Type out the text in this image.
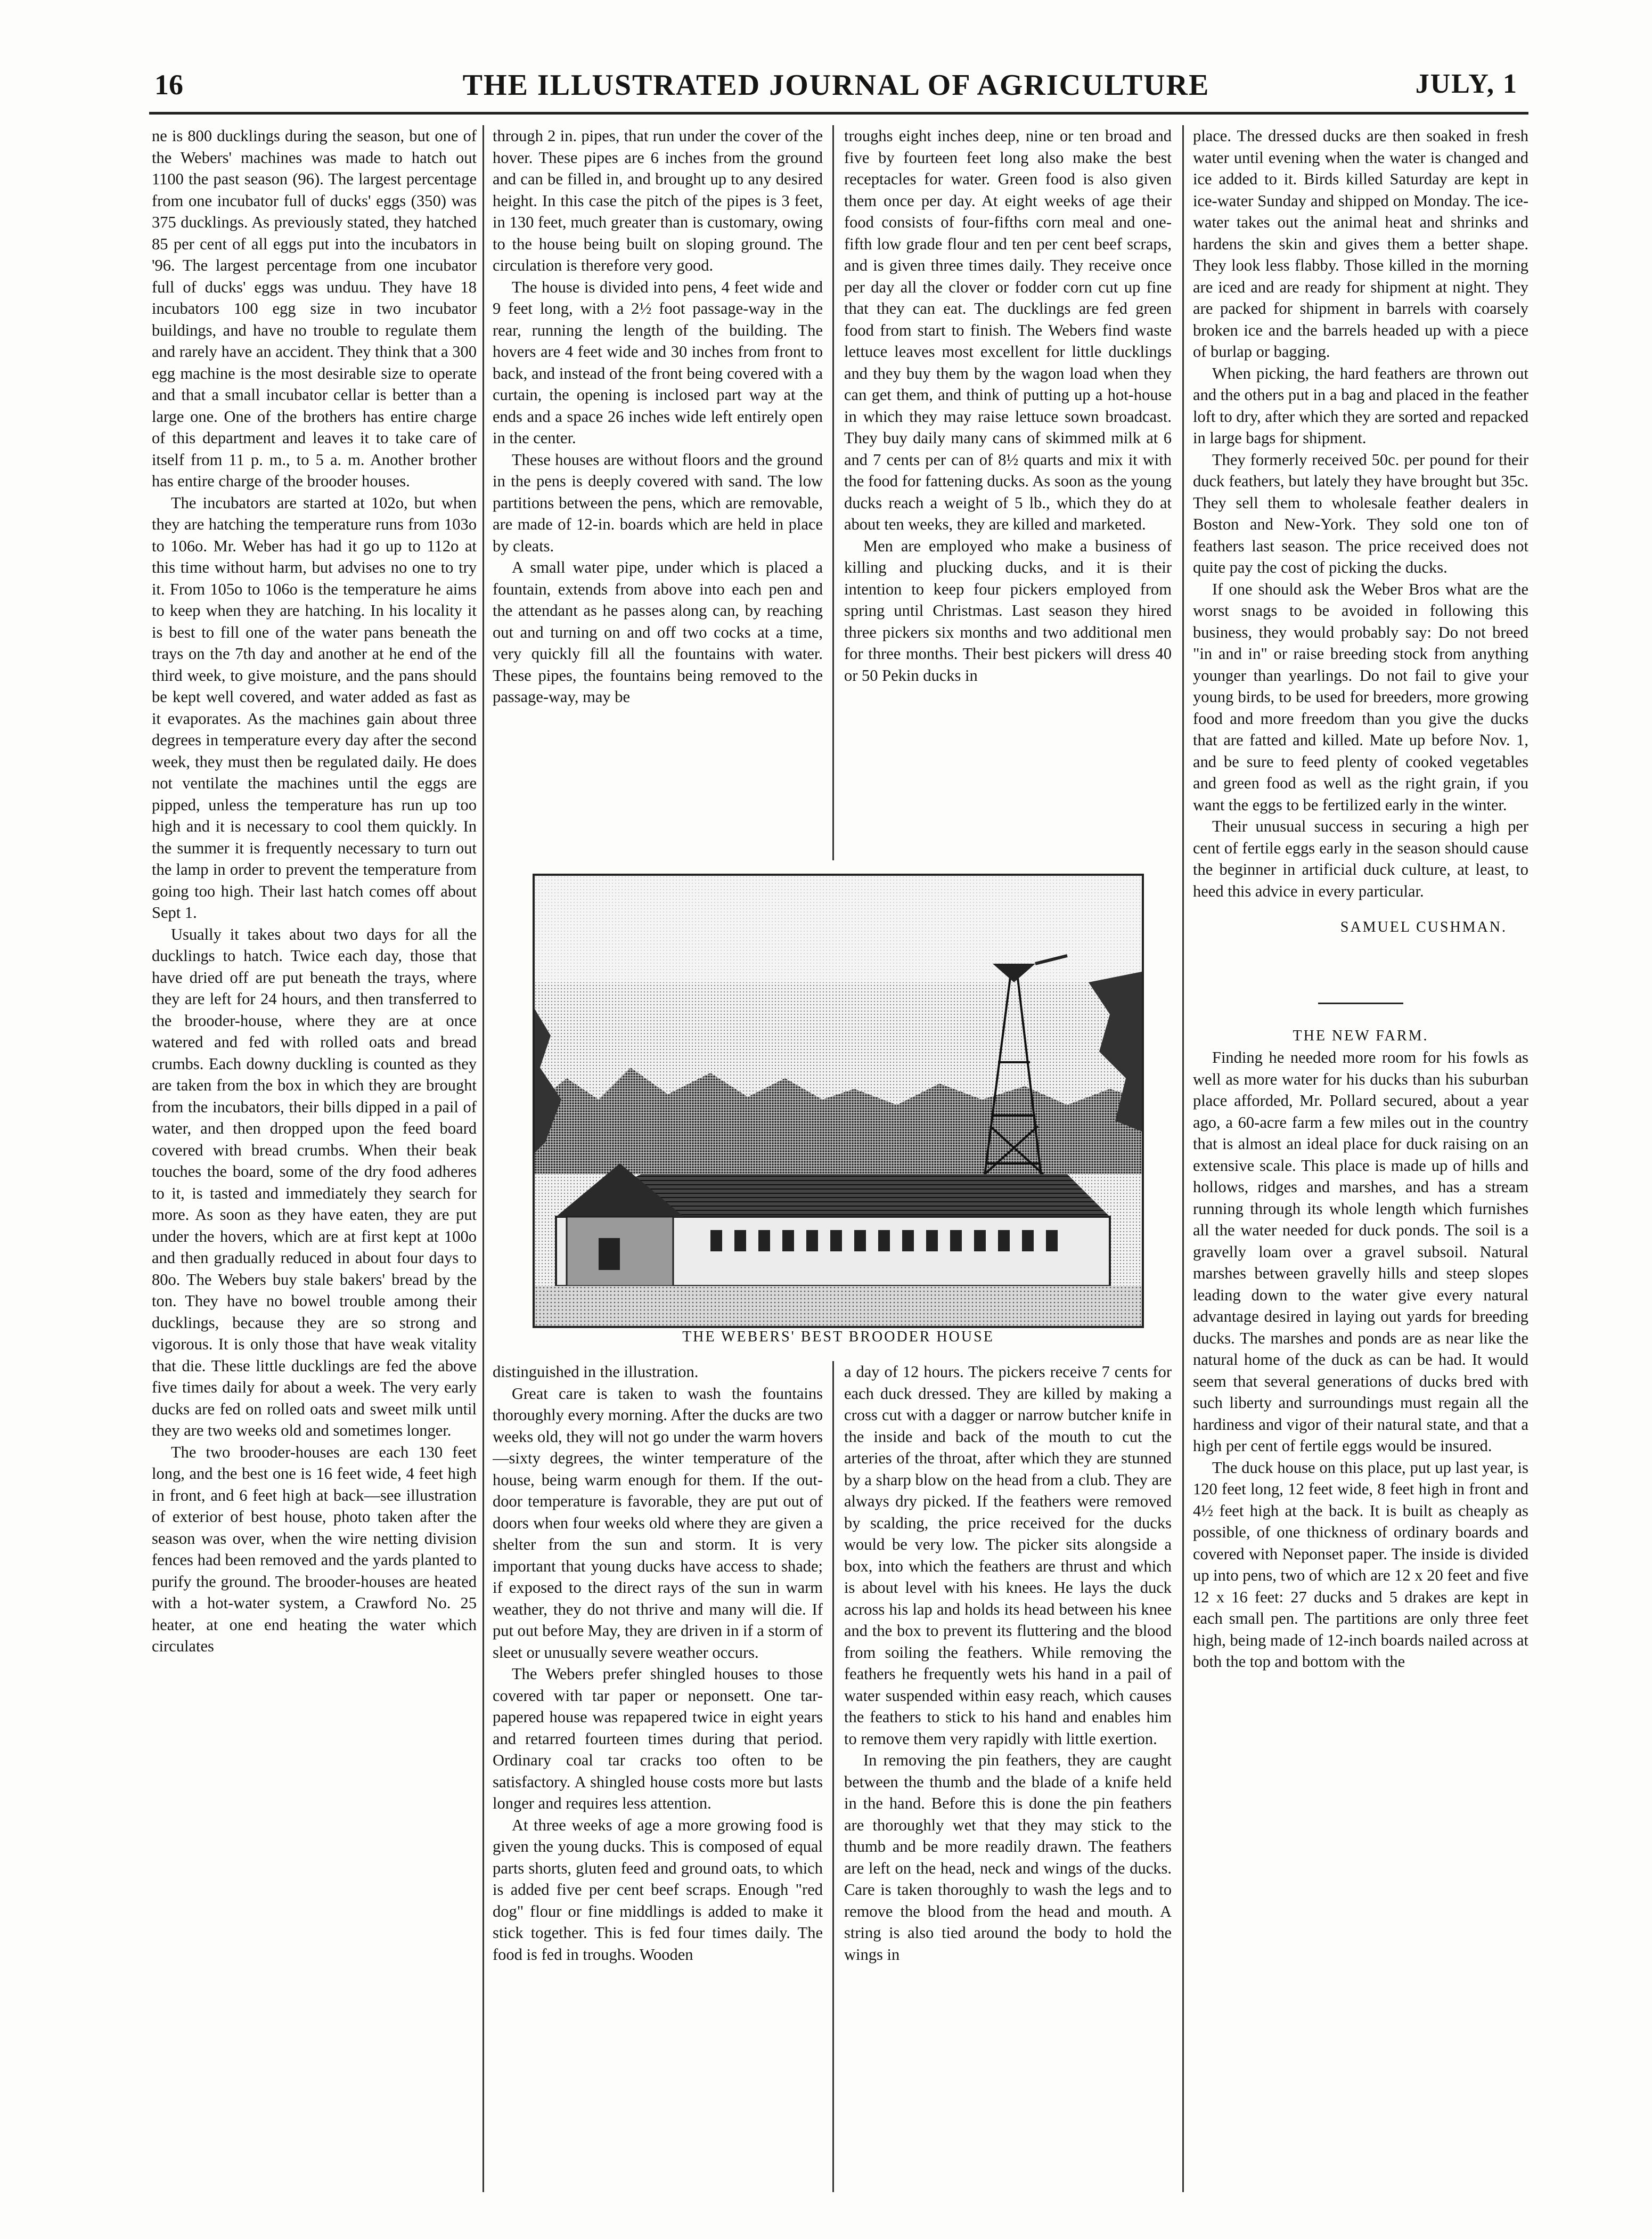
16	THE ILLUSTRATED JOURNAL OF AGRICULTURE	JULY, 1

ne is 800 ducklings during the season, but one of the Webers' machines was made to hatch out 1100 the past season (96). The largest percentage from one incubator full of ducks' eggs (350) was 375 ducklings. As previously stated, they hatched 85 per cent of all eggs put into the incubators in '96. The largest percentage from one incubator full of ducks' eggs was unduu. They have 18 incubators 100 egg size in two incubator buildings, and have no trouble to regulate them and rarely have an accident. They think that a 300 egg machine is the most desirable size to operate and that a small incubator cellar is better than a large one. One of the brothers has entire charge of this department and leaves it to take care of itself from 11 p. m., to 5 a. m. Another brother has entire charge of the brooder houses.

The incubators are started at 102o, but when they are hatching the temperature runs from 103o to 106o. Mr. Weber has had it go up to 112o at this time without harm, but advises no one to try it. From 105o to 106o is the temperature he aims to keep when they are hatching. In his locality it is best to fill one of the water pans beneath the trays on the 7th day and another at he end of the third week, to give moisture, and the pans should be kept well covered, and water added as fast as it evaporates. As the machines gain about three degrees in temperature every day after the second week, they must then be regulated daily. He does not ventilate the machines until the eggs are pipped, unless the temperature has run up too high and it is necessary to cool them quickly. In the summer it is frequently necessary to turn out the lamp in order to prevent the temperature from going too high. Their last hatch comes off about Sept 1.

Usually it takes about two days for all the ducklings to hatch. Twice each day, those that have dried off are put beneath the trays, where they are left for 24 hours, and then transferred to the brooder-house, where they are at once watered and fed with rolled oats and bread crumbs. Each downy duckling is counted as they are taken from the box in which they are brought from the incubators, their bills dipped in a pail of water, and then dropped upon the feed board covered with bread crumbs. When their beak touches the board, some of the dry food adheres to it, is tasted and immediately they search for more. As soon as they have eaten, they are put under the hovers, which are at first kept at 100o and then gradually reduced in about four days to 80o. The Webers buy stale bakers' bread by the ton. They have no bowel trouble among their ducklings, because they are so strong and vigorous. It is only those that have weak vitality that die. These little ducklings are fed the above five times daily for about a week. The very early ducks are fed on rolled oats and sweet milk until they are two weeks old and sometimes longer.

The two brooder-houses are each 130 feet long, and the best one is 16 feet wide, 4 feet high in front, and 6 feet high at back—see illustration of exterior of best house, photo taken after the season was over, when the wire netting division fences had been removed and the yards planted to purify the ground. The brooder-houses are heated with a hot-water system, a Crawford No. 25 heater, at one end heating the water which circulates

through 2 in. pipes, that run under the cover of the hover. These pipes are 6 inches from the ground and can be filled in, and brought up to any desired height. In this case the pitch of the pipes is 3 feet, in 130 feet, much greater than is customary, owing to the house being built on sloping ground. The circulation is therefore very good.

The house is divided into pens, 4 feet wide and 9 feet long, with a 2½ foot passage-way in the rear, running the length of the building. The hovers are 4 feet wide and 30 inches from front to back, and instead of the front being covered with a curtain, the opening is inclosed part way at the ends and a space 26 inches wide left entirely open in the center.

These houses are without floors and the ground in the pens is deeply covered with sand. The low partitions between the pens, which are removable, are made of 12-in. boards which are held in place by cleats.

A small water pipe, under which is placed a fountain, extends from above into each pen and the attendant as he passes along can, by reaching out and turning on and off two cocks at a time, very quickly fill all the fountains with water. These pipes, the fountains being removed to the passage-way, may be

troughs eight inches deep, nine or ten broad and five by fourteen feet long also make the best receptacles for water. Green food is also given them once per day. At eight weeks of age their food consists of four-fifths corn meal and one-fifth low grade flour and ten per cent beef scraps, and is given three times daily. They receive once per day all the clover or fodder corn cut up fine that they can eat. The ducklings are fed green food from start to finish. The Webers find waste lettuce leaves most excellent for little ducklings and they buy them by the wagon load when they can get them, and think of putting up a hot-house in which they may raise lettuce sown broadcast. They buy daily many cans of skimmed milk at 6 and 7 cents per can of 8½ quarts and mix it with the food for fattening ducks. As soon as the young ducks reach a weight of 5 lb., which they do at about ten weeks, they are killed and marketed.

Men are employed who make a business of killing and plucking ducks, and it is their intention to keep four pickers employed from spring until Christmas. Last season they hired three pickers six months and two additional men for three months. Their best pickers will dress 40 or 50 Pekin ducks in

THE WEBERS' BEST BROODER HOUSE

distinguished in the illustration.

Great care is taken to wash the fountains thoroughly every morning. After the ducks are two weeks old, they will not go under the warm hovers—sixty degrees, the winter temperature of the house, being warm enough for them. If the out-door temperature is favorable, they are put out of doors when four weeks old where they are given a shelter from the sun and storm. It is very important that young ducks have access to shade; if exposed to the direct rays of the sun in warm weather, they do not thrive and many will die. If put out before May, they are driven in if a storm of sleet or unusually severe weather occurs.

The Webers prefer shingled houses to those covered with tar paper or neponsett. One tar-papered house was repapered twice in eight years and retarred fourteen times during that period. Ordinary coal tar cracks too often to be satisfactory. A shingled house costs more but lasts longer and requires less attention.

At three weeks of age a more growing food is given the young ducks. This is composed of equal parts shorts, gluten feed and ground oats, to which is added five per cent beef scraps. Enough "red dog" flour or fine middlings is added to make it stick together. This is fed four times daily. The food is fed in troughs. Wooden

a day of 12 hours. The pickers receive 7 cents for each duck dressed. They are killed by making a cross cut with a dagger or narrow butcher knife in the inside and back of the mouth to cut the arteries of the throat, after which they are stunned by a sharp blow on the head from a club. They are always dry picked. If the feathers were removed by scalding, the price received for the ducks would be very low. The picker sits alongside a box, into which the feathers are thrust and which is about level with his knees. He lays the duck across his lap and holds its head between his knee and the box to prevent its fluttering and the blood from soiling the feathers. While removing the feathers he frequently wets his hand in a pail of water suspended within easy reach, which causes the feathers to stick to his hand and enables him to remove them very rapidly with little exertion.

In removing the pin feathers, they are caught between the thumb and the blade of a knife held in the hand. Before this is done the pin feathers are thoroughly wet that they may stick to the thumb and be more readily drawn. The feathers are left on the head, neck and wings of the ducks. Care is taken thoroughly to wash the legs and to remove the blood from the head and mouth. A string is also tied around the body to hold the wings in

place. The dressed ducks are then soaked in fresh water until evening when the water is changed and ice added to it. Birds killed Saturday are kept in ice-water Sunday and shipped on Monday. The ice-water takes out the animal heat and shrinks and hardens the skin and gives them a better shape. They look less flabby. Those killed in the morning are iced and are ready for shipment at night. They are packed for shipment in barrels with coarsely broken ice and the barrels headed up with a piece of burlap or bagging.

When picking, the hard feathers are thrown out and the others put in a bag and placed in the feather loft to dry, after which they are sorted and repacked in large bags for shipment.

They formerly received 50c. per pound for their duck feathers, but lately they have brought but 35c. They sell them to wholesale feather dealers in Boston and New-York. They sold one ton of feathers last season. The price received does not quite pay the cost of picking the ducks.

If one should ask the Weber Bros what are the worst snags to be avoided in following this business, they would probably say: Do not breed "in and in" or raise breeding stock from anything younger than yearlings. Do not fail to give your young birds, to be used for breeders, more growing food and more freedom than you give the ducks that are fatted and killed. Mate up before Nov. 1, and be sure to feed plenty of cooked vegetables and green food as well as the right grain, if you want the eggs to be fertilized early in the winter.

Their unusual success in securing a high per cent of fertile eggs early in the season should cause the beginner in artificial duck culture, at least, to heed this advice in every particular.

SAMUEL CUSHMAN.

THE NEW FARM.

Finding he needed more room for his fowls as well as more water for his ducks than his suburban place afforded, Mr. Pollard secured, about a year ago, a 60-acre farm a few miles out in the country that is almost an ideal place for duck raising on an extensive scale. This place is made up of hills and hollows, ridges and marshes, and has a stream running through its whole length which furnishes all the water needed for duck ponds. The soil is a gravelly loam over a gravel subsoil. Natural marshes between gravelly hills and steep slopes leading down to the water give every natural advantage desired in laying out yards for breeding ducks. The marshes and ponds are as near like the natural home of the duck as can be had. It would seem that several generations of ducks bred with such liberty and surroundings must regain all the hardiness and vigor of their natural state, and that a high per cent of fertile eggs would be insured.

The duck house on this place, put up last year, is 120 feet long, 12 feet wide, 8 feet high in front and 4½ feet high at the back. It is built as cheaply as possible, of one thickness of ordinary boards and covered with Neponset paper. The inside is divided up into pens, two of which are 12 x 20 feet and five 12 x 16 feet: 27 ducks and 5 drakes are kept in each small pen. The partitions are only three feet high, being made of 12-inch boards nailed across at both the top and bottom with the
